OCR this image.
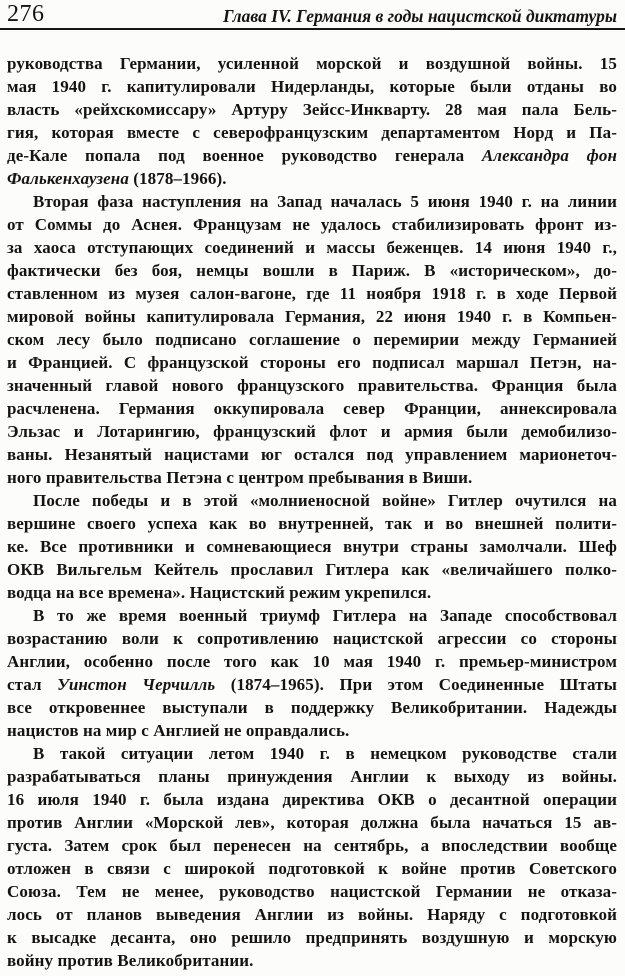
276	Глава IV. Германия в годы нацистской диктатуры
руководства Германии, усиленной морской и воздушной войны. 15
мая 1940 г. капитулировали Нидерланды, которые были отданы во
власть «рейхскомиссару» Артуру Зейсс-Инкварту. 28 мая пала Бель-
гия, которая вместе с северофранцузским департаментом Норд и Па-
де-Кале попала под военное руководство генерала Александра фон
Фалькенхаузена (1878–1966).
Вторая фаза наступления на Запад началась 5 июня 1940 г. на линии
от Соммы до Аснея. Французам не удалось стабилизировать фронт из-
за хаоса отступающих соединений и массы беженцев. 14 июня 1940 г.,
фактически без боя, немцы вошли в Париж. В «историческом», до-
ставленном из музея салон-вагоне, где 11 ноября 1918 г. в ходе Первой
мировой войны капитулировала Германия, 22 июня 1940 г. в Компьен-
ском лесу было подписано соглашение о перемирии между Германией
и Францией. С французской стороны его подписал маршал Петэн, на-
значенный главой нового французского правительства. Франция была
расчленена. Германия оккупировала север Франции, аннексировала
Эльзас и Лотарингию, французский флот и армия были демобилизо-
ваны. Незанятый нацистами юг остался под управлением марионеточ-
ного правительства Петэна с центром пребывания в Виши.
После победы и в этой «молниеносной войне» Гитлер очутился на
вершине своего успеха как во внутренней, так и во внешней полити-
ке. Все противники и сомневающиеся внутри страны замолчали. Шеф
ОКВ Вильгельм Кейтель прославил Гитлера как «величайшего полко-
водца на все времена». Нацистский режим укрепился.
В то же время военный триумф Гитлера на Западе способствовал
возрастанию воли к сопротивлению нацистской агрессии со стороны
Англии, особенно после того как 10 мая 1940 г. премьер-министром
стал Уинстон Черчилль (1874–1965). При этом Соединенные Штаты
все откровеннее выступали в поддержку Великобритании. Надежды
нацистов на мир с Англией не оправдались.
В такой ситуации летом 1940 г. в немецком руководстве стали
разрабатываться планы принуждения Англии к выходу из войны.
16 июля 1940 г. была издана директива ОКВ о десантной операции
против Англии «Морской лев», которая должна была начаться 15 ав-
густа. Затем срок был перенесен на сентябрь, а впоследствии вообще
отложен в связи с широкой подготовкой к войне против Советского
Союза. Тем не менее, руководство нацистской Германии не отказа-
лось от планов выведения Англии из войны. Наряду с подготовкой
к высадке десанта, оно решило предпринять воздушную и морскую
войну против Великобритании.
